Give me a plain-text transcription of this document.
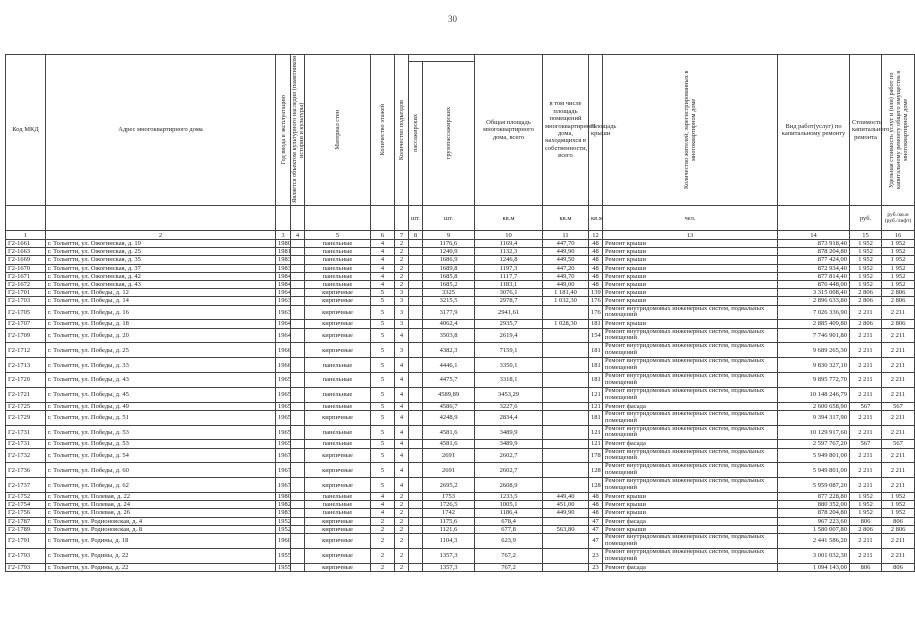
30
Код МКД	Адрес многоквартирного дома	Год ввода в эксплуатацию	Является объектом культурного наследия (памятником истории и культуры)	Материал стен	Количество этажей	Количество подъездов			Общая площадь многоквартирного дома, всего	в том числе площадь помещений многоквартирного дома, находящихся в собственности, всего	Площадь крыши	Количество жителей, зарегистрированных в многоквартирном доме	Вид работ(услуг) по капитальному ремонту	Стоимость капитального ремонта	Удельная стоимость услуг и (или) работ по капитальному ремонту общего имущества в многоквартирном доме

							пассажирских	грузопассажирских								

							шт.	шт.	кв.м	кв.м	кв.м	чел.		руб.	руб./кв.м (руб./лифт)	
1	2	3	4	5	6	7	8	9	10	11	12	13	14	15	16	
Г2-1661	г. Тольятти, ул. Ожогинская, д. 19	1980		панельные	4	2		1176,6	1169,4	447,70	48	Ремонт крыши	873 918,40	1 952	1 952	
Г2-1663	г. Тольятти, ул. Ожогинская, д. 25	1981		панельные	4	2		1240,9	1132,3	449,90	48	Ремонт крыши	878 204,80	1 952	1 952	
Г2-1669	г. Тольятти, ул. Ожогинская, д. 35	1983		панельные	4	2		1686,9	1246,8	449,50	48	Ремонт крыши	877 424,00	1 952	1 952	
Г2-1670	г. Тольятти, ул. Ожогинская, д. 37	1983		панельные	4	2		1689,8	1197,3	447,20	48	Ремонт крыши	872 934,40	1 952	1 952	
Г2-1671	г. Тольятти, ул. Ожогинская, д. 42	1984		панельные	4	2		1685,8	1117,7	449,70	48	Ремонт крыши	877 814,40	1 952	1 952	
Г2-1672	г. Тольятти, ул. Ожогинская, д. 43	1984		панельные	4	2		1685,2	1183,1	449,00	48	Ремонт крыши	876 448,00	1 952	1 952	
Г2-1701	г. Тольятти, ул. Победы, д. 12	1964		кирпичные	5	3		3325	3076,1	1 181,40	139	Ремонт крыши	3 315 008,40	2 806	2 806	
Г2-1703	г. Тольятти, ул. Победы, д. 14	1963		кирпичные	5	3		3215,5	2978,7	1 032,30	176	Ремонт крыши	2 896 633,80	2 806	2 806	
Г2-1705	г. Тольятти, ул. Победы, д. 16	1963		кирпичные	5	3		3177,9	2941,61		176	Ремонт внутридомовых инженерных систем, подвальных помещений	7 026 336,90	2 211	2 211	
Г2-1707	г. Тольятти, ул. Победы, д. 18	1964		кирпичные	5	3		4062,4	2935,7	1 028,30	181	Ремонт крыши	2 885 409,80	2 806	2 806	
Г2-1709	г. Тольятти, ул. Победы, д. 20	1964		кирпичные	5	4		3503,8	2619,4		154	Ремонт внутридомовых инженерных систем, подвальных помещений	7 746 901,80	2 211	2 211	
Г2-1712	г. Тольятти, ул. Победы, д. 25	1966		кирпичные	5	3		4382,3	7159,1		181	Ремонт внутридомовых инженерных систем, подвальных помещений	9 689 265,30	2 211	2 211	
Г2-1713	г. Тольятти, ул. Победы, д. 33	1966		панельные	5	4		4446,1	3350,1		181	Ремонт внутридомовых инженерных систем, подвальных помещений	9 830 327,10	2 211	2 211	
Г2-1720	г. Тольятти, ул. Победы, д. 43	1965		панельные	5	4		4475,7	3318,1		181	Ремонт внутридомовых инженерных систем, подвальных помещений	9 895 772,70	2 211	2 211	
Г2-1721	г. Тольятти, ул. Победы, д. 45	1965		панельные	5	4		4589,89	3453,29		121	Ремонт внутридомовых инженерных систем, подвальных помещений	10 148 246,79	2 211	2 211	
Г2-1725	г. Тольятти, ул. Победы, д. 49	1965		панельные	5	4		4586,7	3227,6		121	Ремонт фасада	2 600 658,90	567	567	
Г2-1729	г. Тольятти, ул. Победы, д. 51	1965		кирпичные	5	4		4248,9	2834,4		181	Ремонт внутридомовых инженерных систем, подвальных помещений	9 394 317,90	2 211	2 211	
Г2-1731	г. Тольятти, ул. Победы, д. 53	1965		панельные	5	4		4581,6	3489,9		121	Ремонт внутридомовых инженерных систем, подвальных помещений	10 129 917,60	2 211	2 211	
Г2-1731	г. Тольятти, ул. Победы, д. 53	1965		панельные	5	4		4581,6	3489,9		121	Ремонт фасада	2 597 767,20	567	567	
Г2-1732	г. Тольятти, ул. Победы, д. 54	1967		кирпичные	5	4		2691	2602,7		178	Ремонт внутридомовых инженерных систем, подвальных помещений	5 949 801,00	2 211	2 211	
Г2-1736	г. Тольятти, ул. Победы, д. 60	1967		кирпичные	5	4		2691	2602,7		128	Ремонт внутридомовых инженерных систем, подвальных помещений	5 949 801,00	2 211	2 211	
Г2-1737	г. Тольятти, ул. Победы, д. 62	1967		кирпичные	5	4		2695,2	2608,9		128	Ремонт внутридомовых инженерных систем, подвальных помещений	5 959 087,20	2 211	2 211	
Г2-1752	г. Тольятти, ул. Полевая, д. 22	1980		панельные	4	2		1753	1233,5	449,40	48	Ремонт крыши	877 228,80	1 952	1 952	
Г2-1754	г. Тольятти, ул. Полевая, д. 24	1982		панельные	4	2		1726,5	1005,1	451,00	48	Ремонт крыши	880 352,00	1 952	1 952	
Г2-1756	г. Тольятти, ул. Полевая, д. 26	1983		панельные	4	2		1742	1186,4	449,90	48	Ремонт крыши	878 204,80	1 952	1 952	
Г2-1787	г. Тольятти, ул. Родионовская, д. 4	1952		кирпичные	2	2		1175,6	678,4		47	Ремонт фасада	967 223,60	806	806	
Г2-1789	г. Тольятти, ул. Родионовская, д. 8	1952		кирпичные	2	2		1121,6	677,8	563,80	47	Ремонт крыши	1 580 007,80	2 806	2 806	
Г2-1791	г. Тольятти, ул. Родины, д. 18	1960		кирпичные	2	2		1104,3	623,9		47	Ремонт внутридомовых инженерных систем, подвальных помещений	2 441 586,20	2 211	2 211	
Г2-1793	г. Тольятти, ул. Родины, д. 22	1955		кирпичные	2	2		1357,3	767,2		23	Ремонт внутридомовых инженерных систем, подвальных помещений	3 001 032,30	2 211	2 211	
Г2-1793	г. Тольятти, ул. Родины, д. 22	1955		кирпичные	2	2		1357,3	767,2		23	Ремонт фасада	1 094 143,00	806	806	
